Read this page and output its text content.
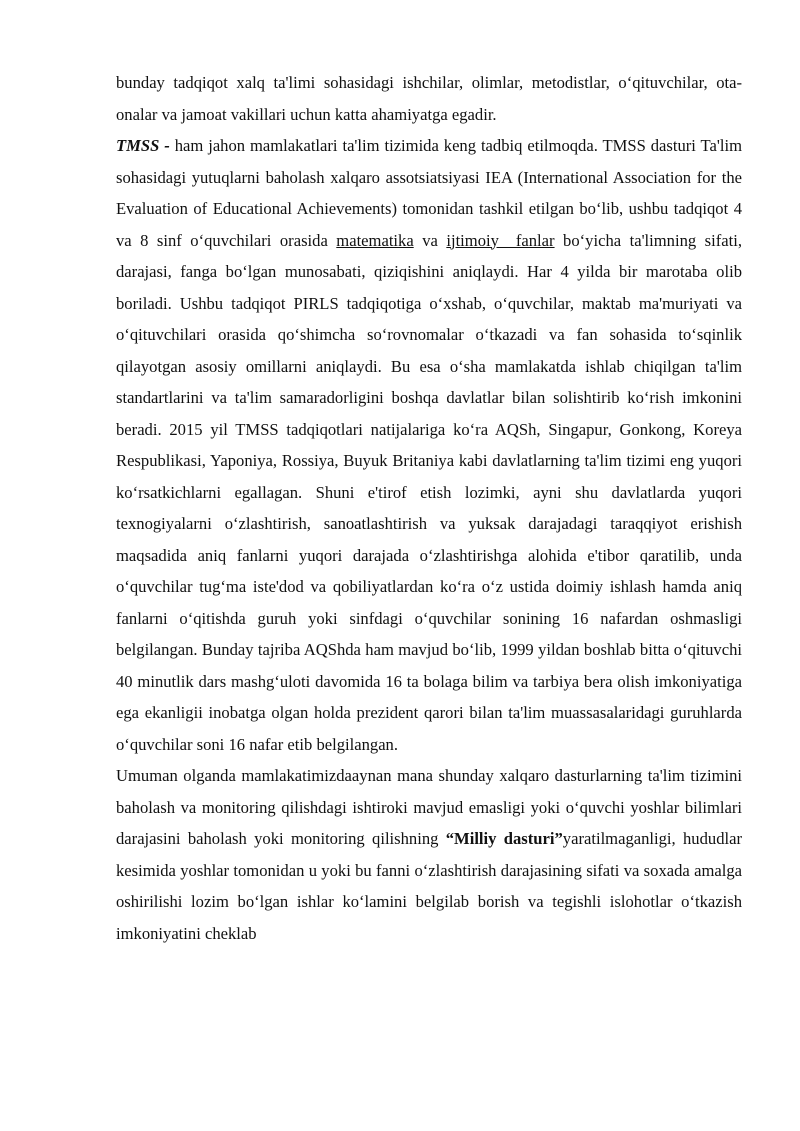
bunday tadqiqot xalq ta'limi sohasidagi ishchilar, olimlar, metodistlar, o‘qituvchilar, ota-onalar va jamoat vakillari uchun katta ahamiyatga egadir.

TMSS - ham jahon mamlakatlari ta'lim tizimida keng tadbiq etilmoqda. TMSS dasturi Ta'lim sohasidagi yutuqlarni baholash xalqaro assotsiatsiyasi IEA (International Association for the Evaluation of Educational Achievements) tomonidan tashkil etilgan bo‘lib, ushbu tadqiqot 4 va 8 sinf o‘quvchilari orasida matematika va ijtimoiy  fanlar bo‘yicha ta'limning sifati, darajasi, fanga bo‘lgan munosabati, qiziqishini aniqlaydi. Har 4 yilda bir marotaba olib boriladi. Ushbu tadqiqot PIRLS tadqiqotiga o‘xshab, o‘quvchilar, maktab ma'muriyati va o‘qituvchilari orasida qo‘shimcha so‘rovnomalar o‘tkazadi va fan sohasida to‘sqinlik qilayotgan asosiy omillarni aniqlaydi. Bu esa o‘sha mamlakatda ishlab chiqilgan ta'lim standartlarini va ta'lim samaradorligini boshqa davlatlar bilan solishtirib ko‘rish imkonini beradi. 2015 yil TMSS tadqiqotlari natijalariga ko‘ra AQSh, Singapur, Gonkong, Koreya Respublikasi, Yaponiya, Rossiya, Buyuk Britaniya kabi davlatlarning ta'lim tizimi eng yuqori ko‘rsatkichlarni egallagan. Shuni e'tirof etish lozimki, ayni shu davlatlarda yuqori texnogiyalarni o‘zlashtirish, sanoatlashtirish va yuksak darajadagi taraqqiyot erishish maqsadida aniq fanlarni yuqori darajada o‘zlashtirishga alohida e'tibor qaratilib, unda o‘quvchilar tug‘ma iste'dod va qobiliyatlardan ko‘ra o‘z ustida doimiy ishlash hamda aniq fanlarni o‘qitishda guruh yoki sinfdagi o‘quvchilar sonining 16 nafardan oshmasligi belgilangan. Bunday tajriba AQShda ham mavjud bo‘lib, 1999 yildan boshlab bitta o‘qituvchi 40 minutlik dars mashg‘uloti davomida 16 ta bolaga bilim va tarbiya bera olish imkoniyatiga ega ekanligii inobatga olgan holda prezident qarori bilan ta'lim muassasalaridagi guruhlarda o‘quvchilar soni 16 nafar etib belgilangan.

Umuman olganda mamlakatimizdaaynan mana shunday xalqaro dasturlarning ta'lim tizimini baholash va monitoring qilishdagi ishtiroki mavjud emasligi yoki o‘quvchi yoshlar bilimlari darajasini baholash yoki monitoring qilishning “Milliy dasturi”yaratilmaganligi, hududlar kesimida yoshlar tomonidan u yoki bu fanni o‘zlashtirish darajasining sifati va soxada amalga oshirilishi lozim bo‘lgan ishlar ko‘lamini belgilab borish va tegishli islohotlar o‘tkazish imkoniyatini cheklab
